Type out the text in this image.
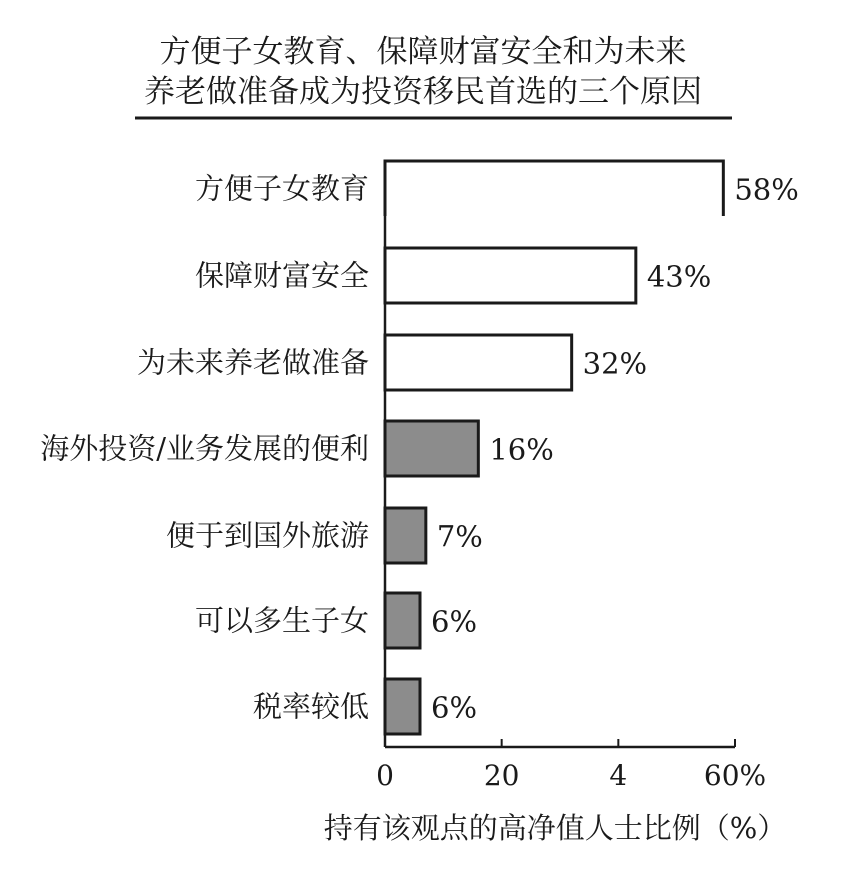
方便子女教育、保障财富安全和为未来
养老做准备成为投资移民首选的三个原因
方便子女教育	58%
保障财富安全	43%
为未来养老做准备	32%
海外投资/业务发展的便利	16%
便于到国外旅游 7%
可以多生子女 6%
税率较低 6%
0	20	4	60%
持有该观点的高净值人士比例（%）
